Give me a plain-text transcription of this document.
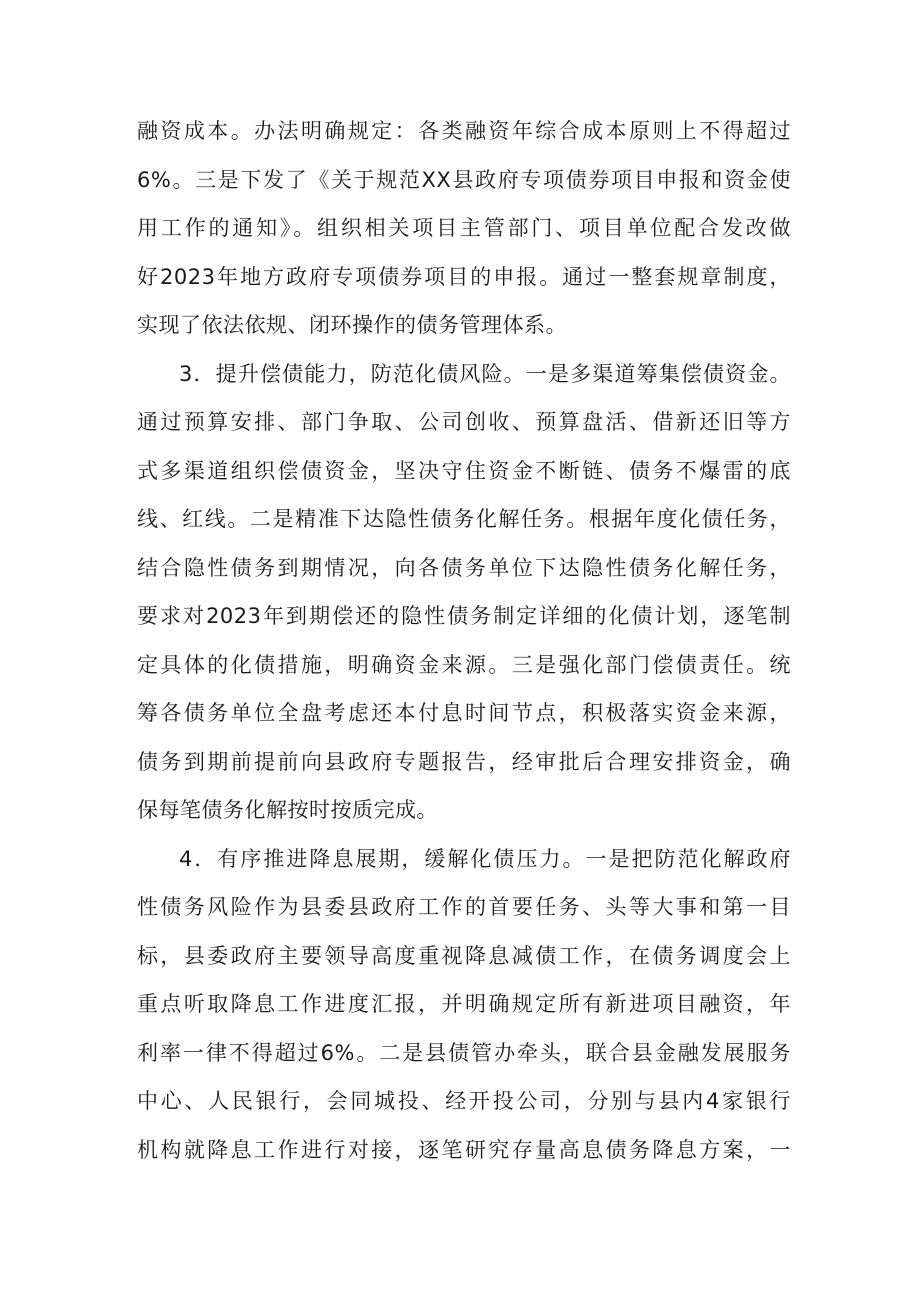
融资成本。办法明确规定：各类融资年综合成本原则上不得超过
6%。三是下发了《关于规范XX县政府专项债券项目申报和资金使
用工作的通知》。组织相关项目主管部门、项目单位配合发改做
好2023年地方政府专项债券项目的申报。通过一整套规章制度，
实现了依法依规、闭环操作的债务管理体系。
3．提升偿债能力，防范化债风险。一是多渠道筹集偿债资金。
通过预算安排、部门争取、公司创收、预算盘活、借新还旧等方
式多渠道组织偿债资金，坚决守住资金不断链、债务不爆雷的底
线、红线。二是精准下达隐性债务化解任务。根据年度化债任务，
结合隐性债务到期情况，向各债务单位下达隐性债务化解任务，
要求对2023年到期偿还的隐性债务制定详细的化债计划，逐笔制
定具体的化债措施，明确资金来源。三是强化部门偿债责任。统
筹各债务单位全盘考虑还本付息时间节点，积极落实资金来源，
债务到期前提前向县政府专题报告，经审批后合理安排资金，确
保每笔债务化解按时按质完成。
4．有序推进降息展期，缓解化债压力。一是把防范化解政府
性债务风险作为县委县政府工作的首要任务、头等大事和第一目
标，县委政府主要领导高度重视降息减债工作，在债务调度会上
重点听取降息工作进度汇报，并明确规定所有新进项目融资，年
利率一律不得超过6%。二是县债管办牵头，联合县金融发展服务
中心、人民银行，会同城投、经开投公司，分别与县内4家银行
机构就降息工作进行对接，逐笔研究存量高息债务降息方案，一
